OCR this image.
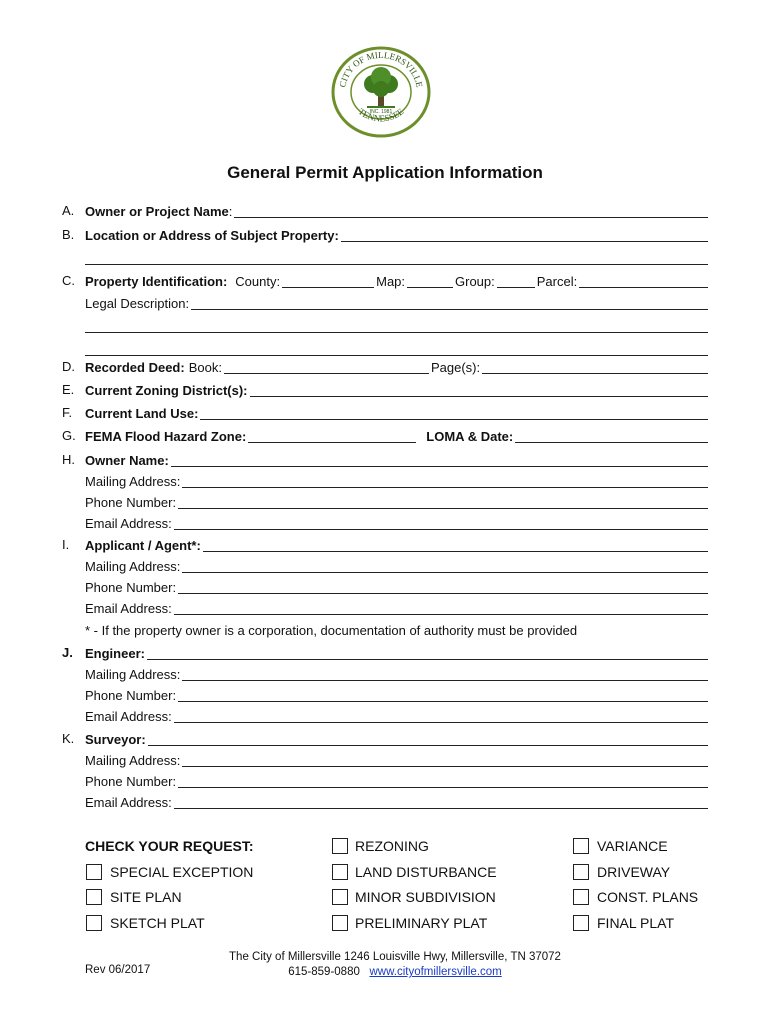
CITY OF MILLERSVILLE
TENNESSEE
INC. 1981
General Permit Application Information
A. Owner or Project Name :
B. Location or Address of Subject Property:
C. Property Identification: County:	Map:	Group:	Parcel:
Legal Description:
D. Recorded Deed: Book:	Page(s):
E. Current Zoning District(s):
F. Current Land Use:
G. FEMA Flood Hazard Zone:	LOMA & Date:
H. Owner Name:
Mailing Address:
Phone Number:
Email Address:
I.	Applicant / Agent*:
Mailing Address:
Phone Number:
Email Address:
* - If the property owner is a corporation, documentation of authority must be provided
J. Engineer:
Mailing Address:
Phone Number:
Email Address:
K. Surveyor:
Mailing Address:
Phone Number:
Email Address:
CHECK YOUR REQUEST:	REZONING	VARIANCE
SPECIAL EXCEPTION	LAND DISTURBANCE	DRIVEWAY
SITE PLAN	MINOR SUBDIVISION	CONST. PLANS
SKETCH PLAT	PRELIMINARY PLAT	FINAL PLAT
The City of Millersville 1246 Louisville Hwy, Millersville, TN 37072
615-859-0880 www.cityofmillersville.com
Rev 06/2017
